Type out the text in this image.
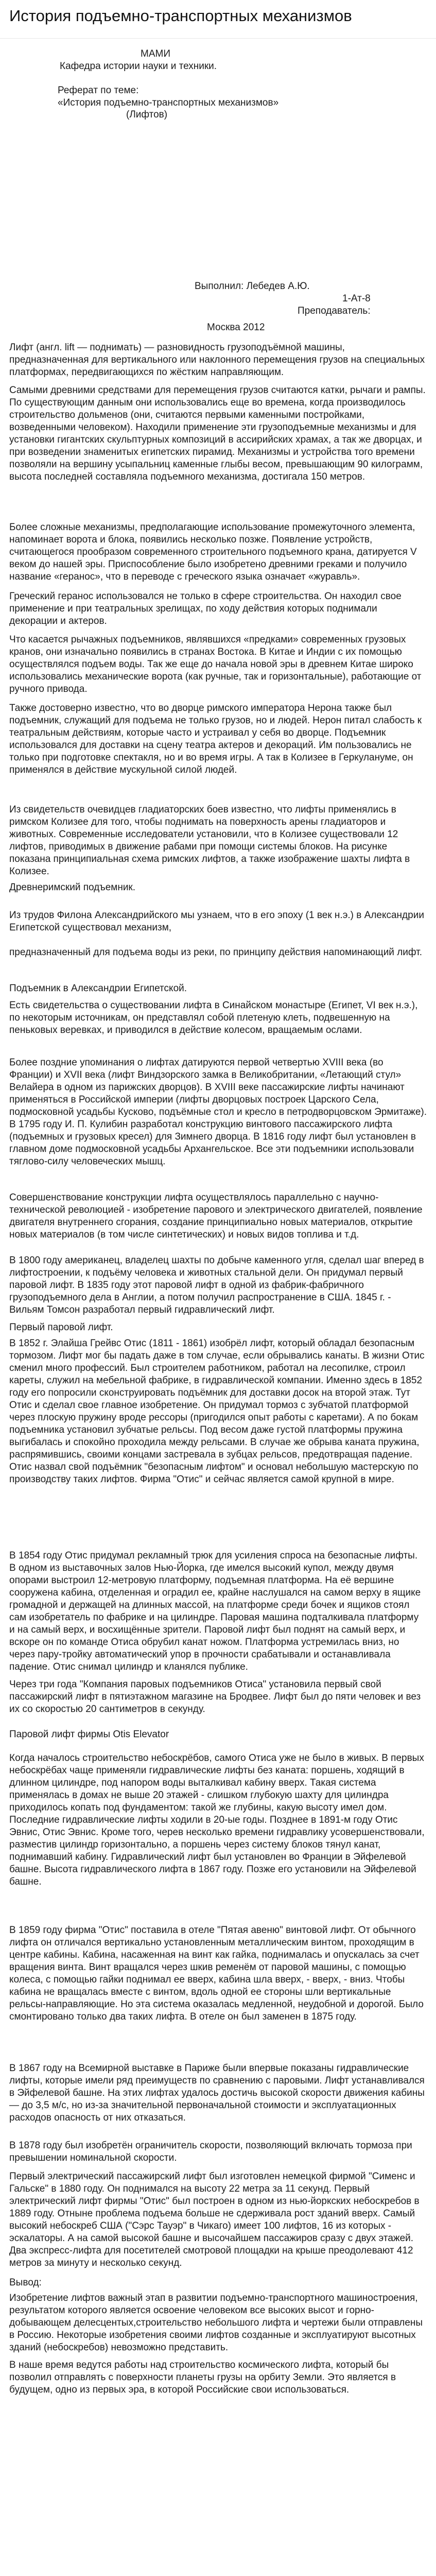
История подъемно-транспортных механизмов
МАМИ
Кафедра истории науки и техники.
Реферат по теме:
«История подъемно-транспортных механизмов»
(Лифтов)
Выполнил: Лебедев А.Ю.
1-Ат-8
Преподаватель:
Москва 2012
Лифт (англ. lift — поднимать) — разновидность грузоподъёмной машины, предназначенная для вертикального или наклонного перемещения грузов на специальных платформах, передвигающихся по жёстким направляющим.
Самыми древними средствами для перемещения грузов считаются катки, рычаги и рампы. По существующим данным они использовались еще во времена, когда производилось строительство дольменов (они, считаются первыми каменными постройками, возведенными человеком). Находили применение эти грузоподъемные механизмы и для установки гигантских скульптурных композиций в ассирийских храмах, а так же дворцах, и при возведении знаменитых египетских пирамид. Механизмы и устройства того времени позволяли на вершину усыпальниц каменные глыбы весом, превышающим 90 килограмм, высота последней составляла подъемного механизма, достигала 150 метров.
Более сложные механизмы, предполагающие использование промежуточного элемента, напоминает ворота и блока, появились несколько позже. Появление устройств, считающегося прообразом современного строительного подъемного крана, датируется V веком до нашей эры. Приспособление было изобретено древними греками и получило название «геранос», что в переводе с греческого языка означает «журавль».
Греческий геранос использовался не только в сфере строительства. Он находил свое применение и при театральных зрелищах, по ходу действия которых поднимали декорации и актеров.
Что касается рычажных подъемников, являвшихся «предками» современных грузовых кранов, они изначально появились в странах Востока. В Китае и Индии с их помощью осуществлялся подъем воды. Так же еще до начала новой эры в древнем Китае широко использовались механические ворота (как ручные, так и горизонтальные), работающие от ручного привода.
Также достоверно известно, что во дворце римского императора Нерона также был подъемник, служащий для подъема не только грузов, но и людей. Нерон питал слабость к театральным действиям, которые часто и устраивал у себя во дворце. Подъемник использовался для доставки на сцену театра актеров и декораций. Им пользовались не только при подготовке спектакля, но и во время игры. А так в Колизее в Геркулануме, он применялся в действие мускульной силой людей.
Из свидетельств очевидцев гладиаторских боев известно, что лифты применялись в римском Колизее для того, чтобы поднимать на поверхность арены гладиаторов и животных. Современные исследователи установили, что в Колизее существовали 12 лифтов, приводимых в движение рабами при помощи системы блоков. На рисунке показана принципиальная схема римских лифтов, а также изображение шахты лифта в Колизее.
Древнеримский подъемник.
Из трудов Филона Александрийского мы узнаем, что в его эпоху (1 век н.э.) в Александрии Египетской существовал механизм,
предназначенный для подъема воды из реки, по принципу действия напоминающий лифт.
Подъемник в Александрии Египетской.
Есть свидетельства о существовании лифта в Синайском монастыре (Египет, VI век н.э.), по некоторым источникам, он представлял собой плетеную клеть, подвешенную на пеньковых веревках, и приводился в действие колесом, вращаемым ослами.
Более поздние упоминания о лифтах датируются первой четвертью XVIII века (во Франции) и XVII века (лифт Виндзорского замка в Великобритании, «Летающий стул» Велайера в одном из парижских дворцов). В XVIII веке пассажирские лифты начинают применяться в Российской империи (лифты дворцовых построек Царского Села, подмосковной усадьбы Кусково, подъёмные стол и кресло в петродворцовском Эрмитаже). В 1795 году И. П. Кулибин разработал конструкцию винтового пассажирского лифта (подъемных и грузовых кресел) для Зимнего дворца. В 1816 году лифт был установлен в главном доме подмосковной усадьбы Архангельское. Все эти подъемники использовали тяглово-силу человеческих мышц.
Совершенствование конструкции лифта осуществлялось параллельно с научно-технической революцией - изобретение парового и электрического двигателей, появление двигателя внутреннего сгорания, создание принципиально новых материалов, открытие новых материалов (в том числе синтетических) и новых видов топлива и т.д.
В 1800 году американец, владелец шахты по добыче каменного угля, сделал шаг вперед в лифтостроении, к подъёму человека и животных стальной дели. Он придумал первый паровой лифт. В 1835 году этот паровой лифт в одной из фабрик-фабричного грузоподъемного дела в Англии, а потом получил распространение в США. 1845 г. - Вильям Томсон разработал первый гидравлический лифт.
Первый паровой лифт.
В 1852 г. Элайша Грейвс Отис (1811 - 1861) изобрёл лифт, который обладал безопасным тормозом. Лифт мог бы падать даже в том случае, если обрывались канаты. В жизни Отис сменил много профессий. Был строителем работником, работал на лесопилке, строил кареты, служил на мебельной фабрике, в гидравлической компании. Именно здесь в 1852 году его попросили сконструировать подъёмник для доставки досок на второй этаж. Тут Отис и сделал свое главное изобретение. Он придумал тормоз с зубчатой платформой через плоскую пружину вроде рессоры (пригодился опыт работы с каретами). А по бокам подъемника установил зубчатые рельсы. Под весом даже густой платформы пружина выгибалась и спокойно проходила между рельсами. В случае же обрыва каната пружина, распрямившись, своими концами застревала в зубцах рельсов, предотвращая падение. Отис назвал свой подъёмник "безопасным лифтом" и основал небольшую мастерскую по производству таких лифтов. Фирма "Отис" и сейчас является самой крупной в мире.
В 1854 году Отис придумал рекламный трюк для усиления спроса на безопасные лифты. В одном из выставочных залов Нью-Йорка, где имелся высокий купол, между двумя опорами выстроил 12-метровую платформу, подъемная платформа. На её вершине сооружена кабина, отделенная и оградил ее, крайне наслушался на самом верху в ящике громадной и держащей на длинных массой, на платформе среди бочек и ящиков стоял сам изобретатель по фабрике и на цилиндре. Паровая машина подталкивала платформу и на самый верх, и восхищённые зрители. Паровой лифт был поднят на самый верх, и вскоре он по команде Отиса обрубил канат ножом. Платформа устремилась вниз, но через пару-тройку автоматический упор в прочности срабатывали и останавливала падение. Отис снимал цилиндр и кланялся публике.
Через три года "Компания паровых подъемников Отиса" установила первый свой пассажирский лифт в пятиэтажном магазине на Бродвее. Лифт был до пяти человек и вез их со скоростью 20 сантиметров в секунду.
Паровой лифт фирмы Otis Elevator
Когда началось строительство небоскрёбов, самого Отиса уже не было в живых. В первых небоскрёбах чаще применяли гидравлические лифты без каната: поршень, ходящий в длинном цилиндре, под напором воды выталкивал кабину вверх. Такая система применялась в домах не выше 20 этажей - слишком глубокую шахту для цилиндра приходилось копать под фундаментом: такой же глубины, какую высоту имел дом. Последние гидравлические лифты ходили в 20-ые годы. Позднее в 1891-м году Отис Эвнис, Отис Эвнис. Кроме того, черев несколько времени гидравлику усовершенствовали, разместив цилиндр горизонтально, а поршень через систему блоков тянул канат, поднимавший кабину. Гидравлический лифт был установлен во Франции в Эйфелевой башне. Высота гидравлического лифта в 1867 году. Позже его установили на Эйфелевой башне.
В 1859 году фирма "Отис" поставила в отеле "Пятая авеню" винтовой лифт. От обычного лифта он отличался вертикально установленным металлическим винтом, проходящим в центре кабины. Кабина, насаженная на винт как гайка, поднималась и опускалась за счет вращения винта. Винт вращался через шкив ременём от паровой машины, с помощью колеса, с помощью гайки поднимал ее вверх, кабина шла вверх, - вверх, - вниз. Чтобы кабина не вращалась вместе с винтом, вдоль одной ее стороны шли вертикальные рельсы-направляющие. Но эта система оказалась медленной, неудобной и дорогой. Было смонтировано только два таких лифта. В отеле он был заменен в 1875 году.
В 1867 году на Всемирной выставке в Париже были впервые показаны гидравлические лифты, которые имели ряд преимуществ по сравнению с паровыми. Лифт устанавливался в Эйфелевой башне. На этих лифтах удалось достичь высокой скорости движения кабины — до 3,5 м/с, но из-за значительной первоначальной стоимости и эксплуатационных расходов опасность от них отказаться.
В 1878 году был изобретён ограничитель скорости, позволяющий включать тормоза при превышении номинальной скорости.
Первый электрический пассажирский лифт был изготовлен немецкой фирмой "Сименс и Гальске" в 1880 году. Он поднимался на высоту 22 метра за 11 секунд. Первый электрический лифт фирмы "Отис" был построен в одном из нью-йоркских небоскребов в 1889 году. Отныне проблема подъема больше не сдерживала рост зданий вверх. Самый высокий небоскреб США ("Сэрс Тауэр" в Чикаго) имеет 100 лифтов, 16 из которых - эскалаторы. А на самой высокой башне и высочайшем пассажиров сразу с двух этажей. Два экспресс-лифта для посетителей смотровой площадки на крыше преодолевают 412 метров за минуту и несколько секунд.
Вывод:
Изобретение лифтов важный этап в развитии подъемно-транспортного машиностроения, результатом которого является освоение человеком все высоких высот и горно-добывающем делесцентых,строительство небольшого лифта и чертежи были отправлены в Россию. Некоторые изобретения своими лифтов созданные и эксплуатируют высотных зданий (небоскребов) невозможно представить.
В наше время ведутся работы над строительство космического лифта, который бы позволил отправлять с поверхности планеты грузы на орбиту Земли. Это является в будущем, одно из первых эра, в которой Российские свои использоваться.
